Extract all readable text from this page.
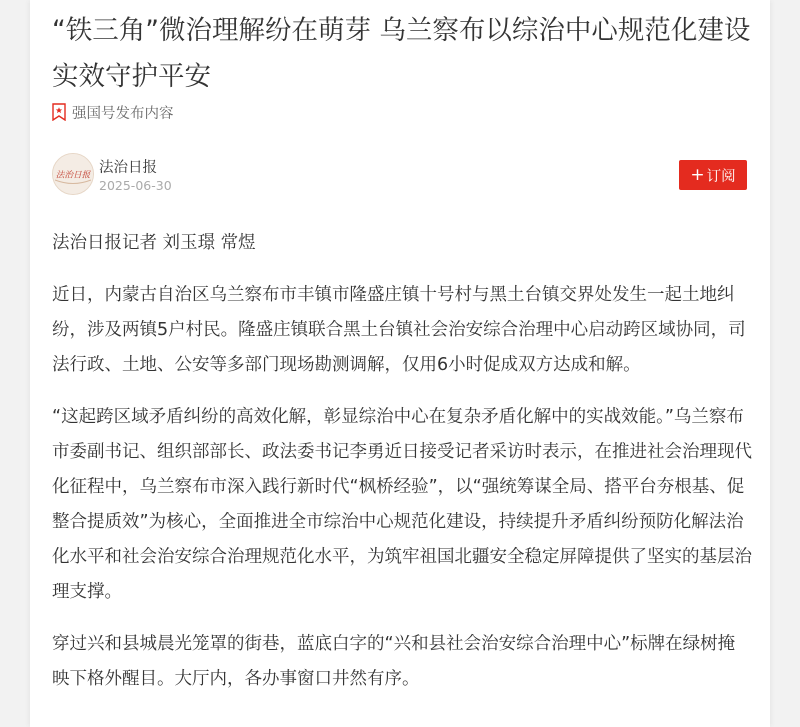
“铁三角”微治理解纷在萌芽 乌兰察布以综治中心规范化建设实效守护平安
强国号发布内容
法治日报 法治日报
2025-06-30
+ 订阅

法治日报记者 刘玉璟 常煜

近日，内蒙古自治区乌兰察布市丰镇市隆盛庄镇十号村与黑土台镇交界处发生一起土地纠纷，涉及两镇5户村民。隆盛庄镇联合黑土台镇社会治安综合治理中心启动跨区域协同，司法行政、土地、公安等多部门现场勘测调解，仅用6小时促成双方达成和解。

“这起跨区域矛盾纠纷的高效化解，彰显综治中心在复杂矛盾化解中的实战效能。”乌兰察布市委副书记、组织部部长、政法委书记李勇近日接受记者采访时表示，在推进社会治理现代化征程中，乌兰察布市深入践行新时代“枫桥经验”，以“强统筹谋全局、搭平台夯根基、促整合提质效”为核心，全面推进全市综治中心规范化建设，持续提升矛盾纠纷预防化解法治化水平和社会治安综合治理规范化水平，为筑牢祖国北疆安全稳定屏障提供了坚实的基层治理支撑。

穿过兴和县城晨光笼罩的街巷，蓝底白字的“兴和县社会治安综合治理中心”标牌在绿树掩映下格外醒目。大厅内，各办事窗口井然有序。
